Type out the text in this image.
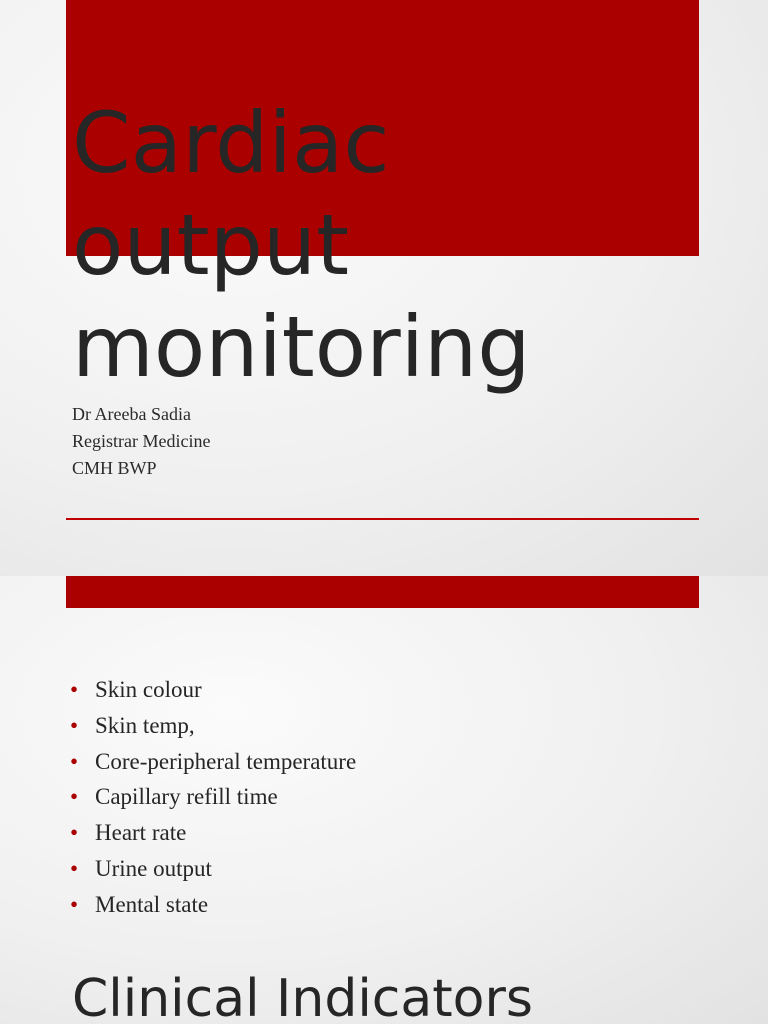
Cardiac
output
monitoring
Dr Areeba Sadia
Registrar Medicine
CMH BWP
• Skin colour
• Skin temp,
• Core-peripheral temperature
• Capillary refill time
• Heart rate
• Urine output
• Mental state
Clinical Indicators
